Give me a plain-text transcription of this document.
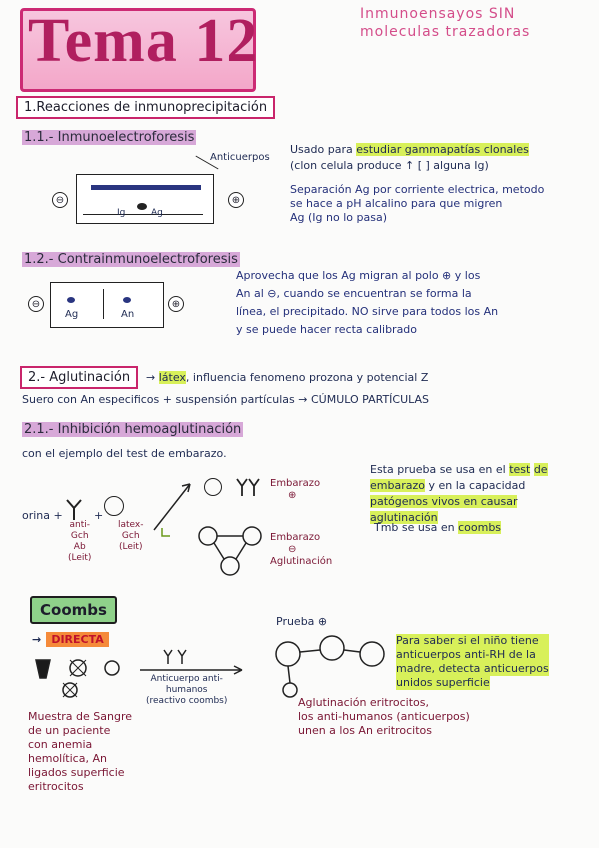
Tema 12	Inmunoensayos SIN
moleculas trazadoras
1.Reacciones de inmunoprecipitación
1.1.- Inmunoelectroforesis
Anticuerpos
Ig	Ag
⊖	⊕
Usado para estudiar gammapatías clonales
(clon celula produce ↑ [ ] alguna Ig)
Separación Ag por corriente electrica, metodo
se hace a pH alcalino para que migren
Ag (Ig no lo pasa)
1.2.- Contrainmunoelectroforesis
Ag	An
⊖	⊕
Aprovecha que los Ag migran al polo ⊕ y los
An al ⊖, cuando se encuentran se forma la
línea, el precipitado. NO sirve para todos los An
y se puede hacer recta calibrado
2.- Aglutinación	→ látex, influencia fenomeno prozona y potencial Z
Suero con An especificos + suspensión partículas → CÚMULO PARTÍCULAS
2.1.- Inhibición hemoaglutinación
con el ejemplo del test de embarazo.
orina +	+
anti-
Gch
Ab
(Leit)
latex-
Gch
(Leit)
Embarazo
⊕
Embarazo
⊖
Aglutinación
Esta prueba se usa en el test de embarazo y en la capacidad patógenos vivos en causar aglutinación
Tmb se usa en coombs
Coombs
→ DIRECTA
Prueba ⊕
Anticuerpo anti-
humanos
(reactivo coombs)
Para saber si el niño tiene
anticuerpos anti-RH de la
madre, detecta anticuerpos
unidos superficie
Muestra de Sangre
de un paciente
con anemia
hemolítica, An
ligados superficie
eritrocitos
Aglutinación eritrocitos,
los anti-humanos (anticuerpos)
unen a los An eritrocitos
